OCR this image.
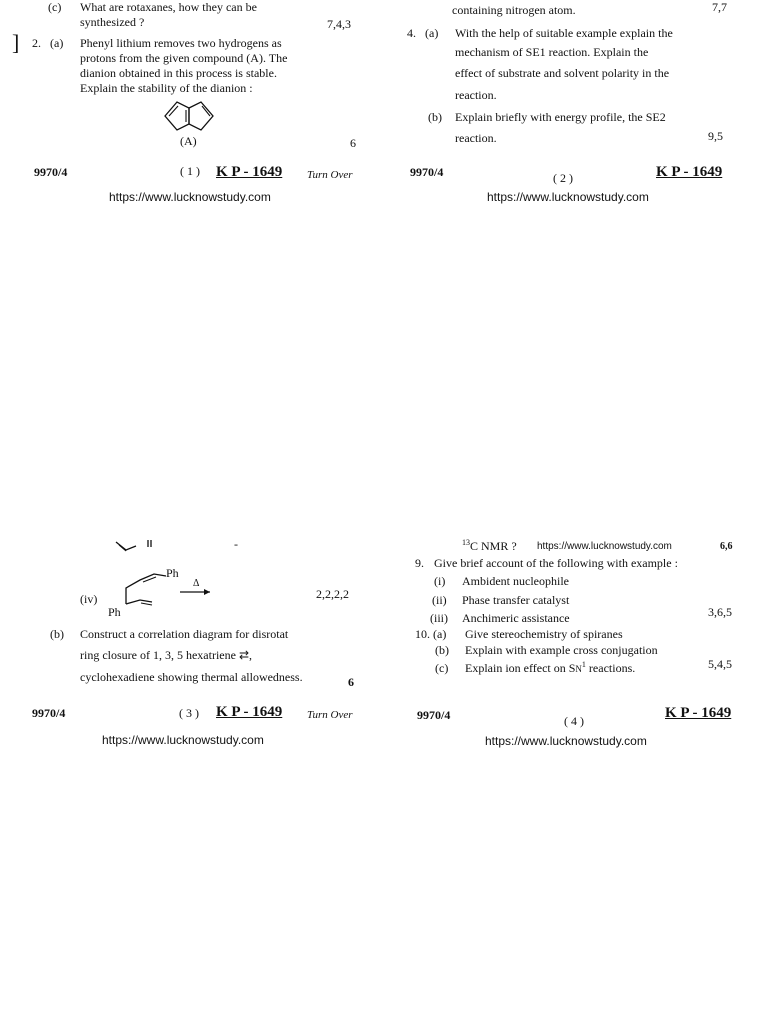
(c) What are rotaxanes, how they can be
synthesized ?	7,4,3
] 2. (a) Phenyl lithium removes two hydrogens as
protons from the given compound (A). The
dianion obtained in this process is stable.
Explain the stability of the dianion :
(A)	6
9970/4	( 1 ) K P - 1649 Turn Over
https://www.lucknowstudy.com
containing nitrogen atom.	7,7
4. (a) With the help of suitable example explain the
mechanism of SE1 reaction. Explain the
effect of substrate and solvent polarity in the
reaction.
(b) Explain briefly with energy profile, the SE2
reaction.	9,5
9970/4	( 2 )	K P - 1649
https://www.lucknowstudy.com
-
(iv)
Ph
Δ
Ph
2,2,2,2
(b) Construct a correlation diagram for disrotat
ring closure of 1, 3, 5 hexatriene ⇄,
cyclohexadiene showing thermal allowedness.	6
9970/4	( 3 ) K P - 1649 Turn Over
https://www.lucknowstudy.com
$^{13}$C NMR ? https://www.lucknowstudy.com	6,6
9. Give brief account of the following with example :
(i) Ambident nucleophile
(ii) Phase transfer catalyst
(iii) Anchimeric assistance	3,6,5
10. (a) Give stereochemistry of spiranes
(b) Explain with example cross conjugation
(c) Explain ion effect on $SN^1$ reactions.	5,4,5
9970/4	( 4 )	K P - 1649
https://www.lucknowstudy.com
